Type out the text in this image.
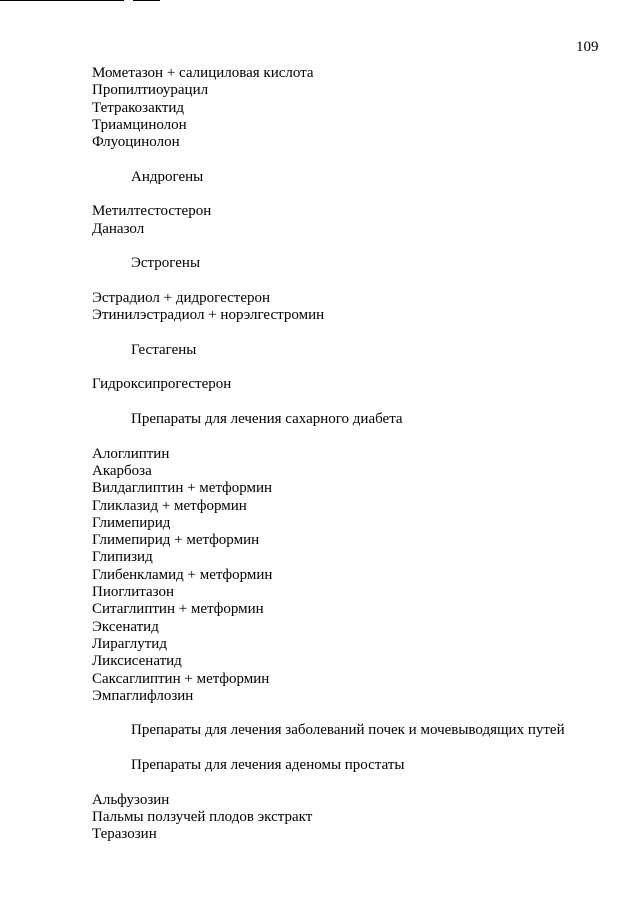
109
Мометазон + салициловая кислота
Пропилтиоурацил
Тетракозактид
Триамцинолон
Флуоцинолон
Андрогены
Метилтестостерон
Даназол
Эстрогены
Эстрадиол + дидрогестерон
Этинилэстрадиол + норэлгестромин
Гестагены
Гидроксипрогестерон
Препараты для лечения сахарного диабета
Алоглиптин
Акарбоза
Вилдаглиптин + метформин
Гликлазид + метформин
Глимепирид
Глимепирид + метформин
Глипизид
Глибенкламид + метформин
Пиоглитазон
Ситаглиптин + метформин
Эксенатид
Лираглутид
Ликсисенатид
Саксаглиптин + метформин
Эмпаглифлозин
Препараты для лечения заболеваний почек и мочевыводящих путей
Препараты для лечения аденомы простаты
Альфузозин
Пальмы ползучей плодов экстракт
Теразозин
